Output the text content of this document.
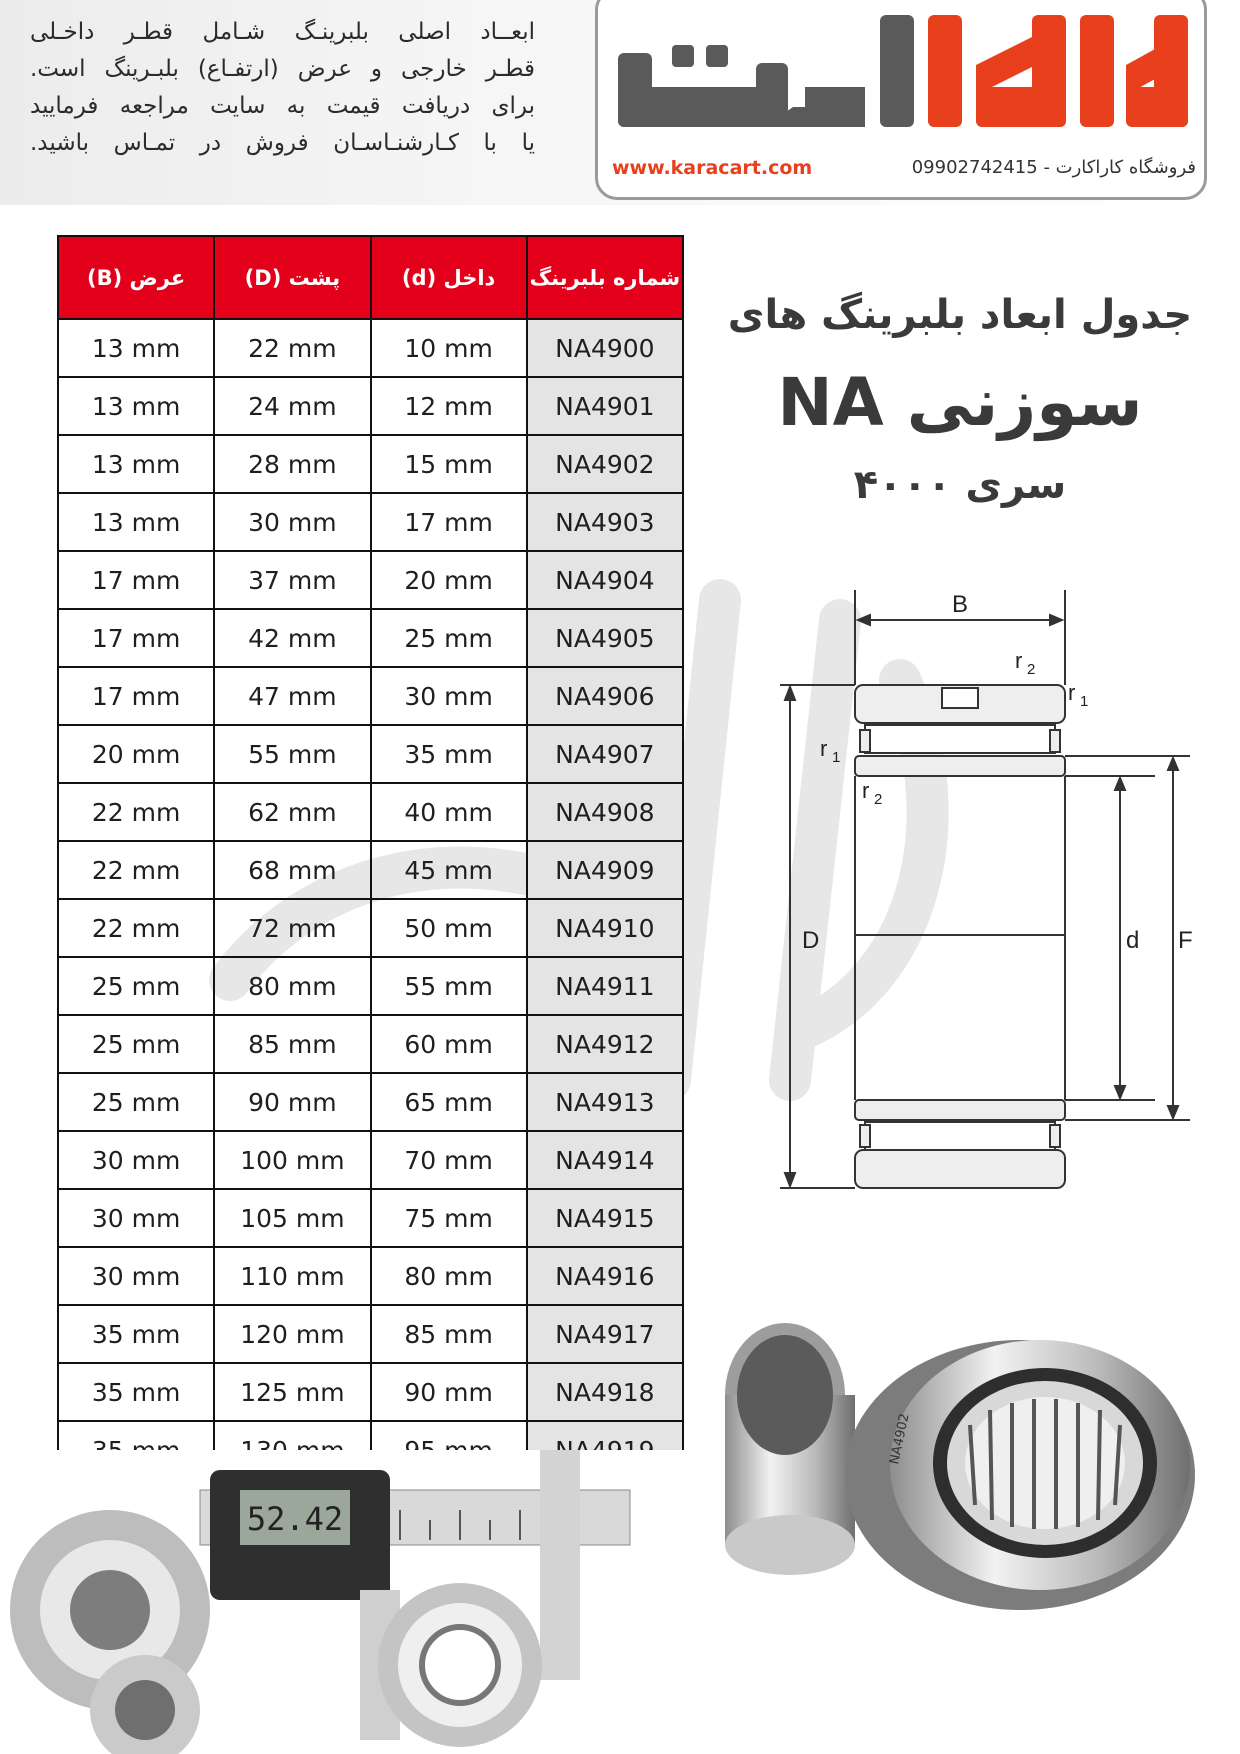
ابعــاد اصلی بلبرینـگ شـامل قطـر داخـلی
قطـر خارجی و عرض (ارتفـاع) بلبـرینگ است.
برای دریافت قیمت به سایت مراجعه فرمایید
یا با کـارشنـاسـان فروش در تمـاس باشید.	کاراکارت
www.karacart.com	فروشگاه کاراکارت - 09902742415
عرض (B)	پشت (D)	داخل (d)	شماره بلبرینگ
13 mm	22 mm	10 mm	NA4900
13 mm	24 mm	12 mm	NA4901
13 mm	28 mm	15 mm	NA4902
13 mm	30 mm	17 mm	NA4903
17 mm	37 mm	20 mm	NA4904
17 mm	42 mm	25 mm	NA4905
17 mm	47 mm	30 mm	NA4906
20 mm	55 mm	35 mm	NA4907
22 mm	62 mm	40 mm	NA4908
22 mm	68 mm	45 mm	NA4909
22 mm	72 mm	50 mm	NA4910
25 mm	80 mm	55 mm	NA4911
25 mm	85 mm	60 mm	NA4912
25 mm	90 mm	65 mm	NA4913
30 mm	100 mm	70 mm	NA4914
30 mm	105 mm	75 mm	NA4915
30 mm	110 mm	80 mm	NA4916
35 mm	120 mm	85 mm	NA4917
35 mm	125 mm	90 mm	NA4918

جدول ابعاد بلبرینگ های
سوزنی NA
سری ۴۰۰۰
B
D	d F
r 2
r 1
r 1
r 2
NA4902
52.42
